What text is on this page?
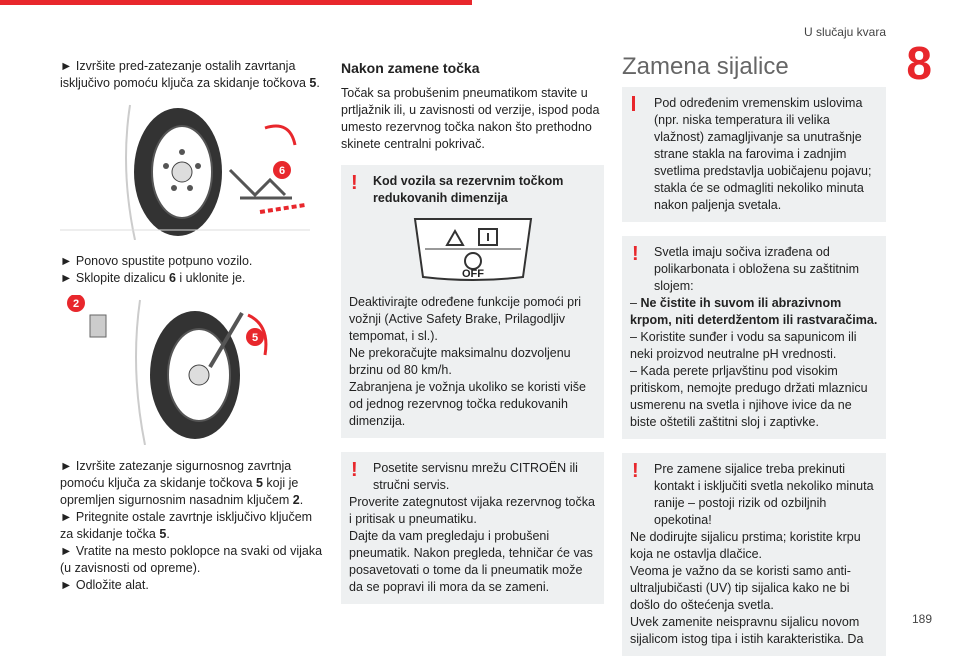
U slučaju kvara
8
189

► Izvršite pred-zatezanje ostalih zavrtanja isključivo pomoću ključa za skidanje točkova 5.

6

► Ponovo spustite potpuno vozilo.

► Sklopite dizalicu 6 i uklonite je.

5
2

► Izvršite zatezanje sigurnosnog zavrtnja pomoću ključa za skidanje točkova 5 koji je opremljen sigurnosnim nasadnim ključem 2.

► Pritegnite ostale zavrtnje isključivo ključem za skidanje točka 5.

► Vratite na mesto poklopce na svaki od vijaka (u zavisnosti od opreme).

► Odložite alat.

Nakon zamene točka

Točak sa probušenim pneumatikom stavite u prtljažnik ili, u zavisnosti od verzije, ispod poda umesto rezervnog točka nakon što prethodno skinete centralni pokrivač.

!	Kod vozila sa rezervnim točkom redukovanih dimenzija

OFF

Deaktivirajte određene funkcije pomoći pri vožnji (Active Safety Brake, Prilagodljiv tempomat, i sl.).

Ne prekoračujte maksimalnu dozvoljenu brzinu od 80 km/h.

Zabranjena je vožnja ukoliko se koristi više od jednog rezervnog točka redukovanih dimenzija.

!	Posetite servisnu mrežu CITROËN ili stručni servis.

Proverite zategnutost vijaka rezervnog točka i pritisak u pneumatiku.

Dajte da vam pregledaju i probušeni pneumatik. Nakon pregleda, tehničar će vas posavetovati o tome da li pneumatik može da se popravi ili mora da se zameni.

Zamena sijalice

Pod određenim vremenskim uslovima (npr. niska temperatura ili velika vlažnost) zamagljivanje sa unutrašnje strane stakla na farovima i zadnjim svetlima predstavlja uobičajenu pojavu; stakla će se odmagliti nekoliko minuta nakon paljenja svetala.

!	Svetla imaju sočiva izrađena od polikarbonata i obložena su zaštitnim slojem:

– Ne čistite ih suvom ili abrazivnom krpom, niti deterdžentom ili rastvaračima.

– Koristite sunđer i vodu sa sapunicom ili neki proizvod neutralne pH vrednosti.

– Kada perete prljavštinu pod visokim pritiskom, nemojte predugo držati mlaznicu usmerenu na svetla i njihove ivice da ne biste oštetili zaštitni sloj i zaptivke.

!	Pre zamene sijalice treba prekinuti kontakt i isključiti svetla nekoliko minuta ranije – postoji rizik od ozbiljnih opekotina!

Ne dodirujte sijalicu prstima; koristite krpu koja ne ostavlja dlačice.

Veoma je važno da se koristi samo anti-ultraljubičasti (UV) tip sijalica kako ne bi došlo do oštećenja svetla.

Uvek zamenite neispravnu sijalicu novom sijalicom istog tipa i istih karakteristika. Da
